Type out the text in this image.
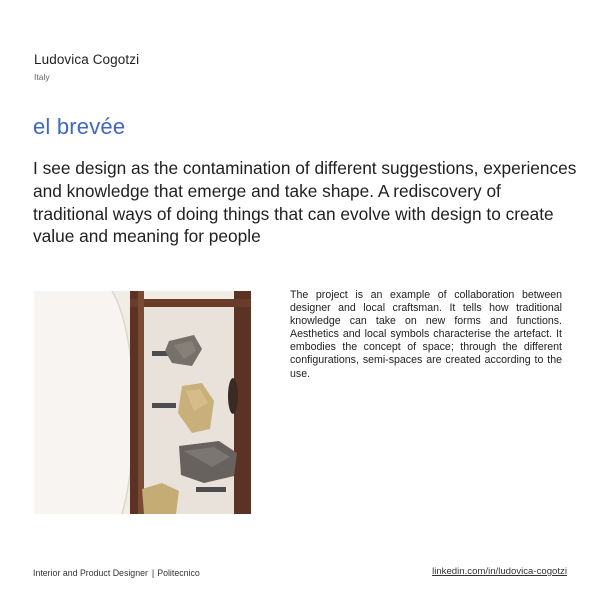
Ludovica Cogotzi
Italy
el brevée

I see design as the contamination of different suggestions, experiences and knowledge that emerge and take shape. A rediscovery of traditional ways of doing things that can evolve with design to create value and meaning for people

The project is an example of collaboration between designer and local craftsman. It tells how traditional knowledge can take on new forms and functions. Aesthetics and local symbols characterise the artefact. It embodies the concept of space; through the different configurations, semi-spaces are created according to the use.

Interior and Product Designer | Politecnico	linkedin.com/in/ludovica-cogotzi
